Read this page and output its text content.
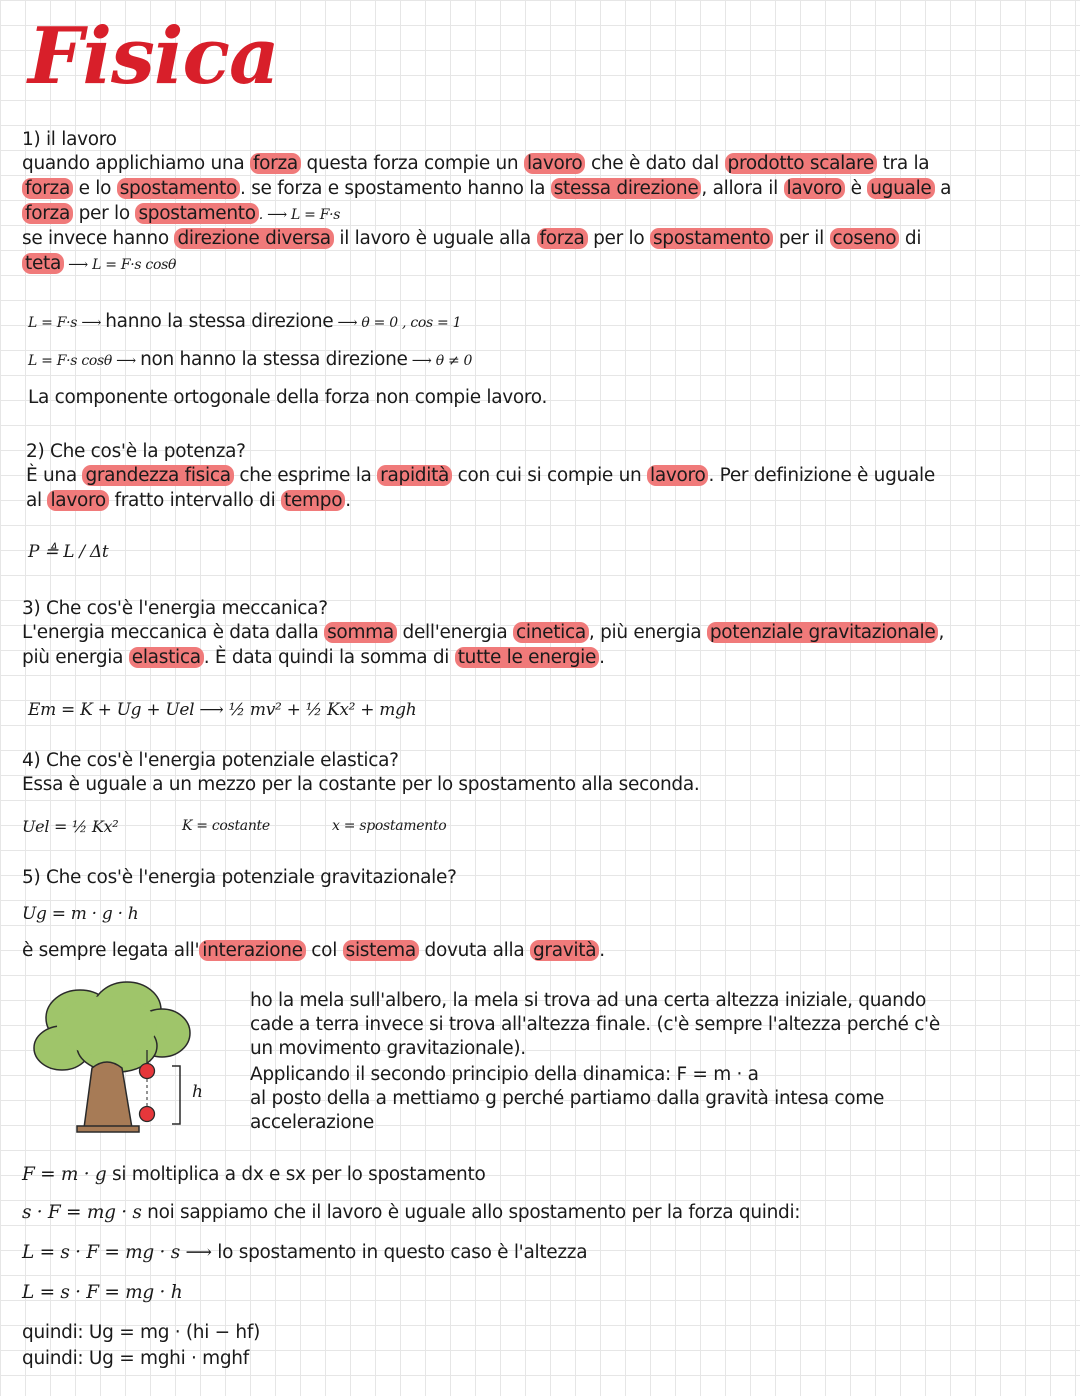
Fisica
1) il lavoro
quando applichiamo una forza questa forza compie un lavoro che è dato dal prodotto scalare tra la
forza e lo spostamento . se forza e spostamento hanno la stessa direzione , allora il lavoro è uguale a
forza per lo spostamento . ⟶ L = F·s
se invece hanno direzione diversa il lavoro è uguale alla forza per lo spostamento per il coseno di
teta ⟶ L = F·s cosθ
L = F·s ⟶ hanno la stessa direzione ⟶ θ = 0 , cos = 1
L = F·s cosθ ⟶ non hanno la stessa direzione ⟶ θ ≠ 0
La componente ortogonale della forza non compie lavoro.
2) Che cos'è la potenza?
È una grandezza fisica che esprime la rapidità con cui si compie un lavoro . Per definizione è uguale
al lavoro fratto intervallo di tempo .
P ≜ L / Δt
3) Che cos'è l'energia meccanica?
L'energia meccanica è data dalla somma dell'energia cinetica , più energia potenziale gravitazionale ,
più energia elastica . È data quindi la somma di tutte le energie .
Em = K + Ug + Uel ⟶ ½ mv² + ½ Kx² + mgh
4) Che cos'è l'energia potenziale elastica?
Essa è uguale a un mezzo per la costante per lo spostamento alla seconda.
Uel = ½ Kx²	K = costante	x = spostamento
5) Che cos'è l'energia potenziale gravitazionale?
Ug = m · g · h
è sempre legata all' interazione col sistema dovuta alla gravità .
h
ho la mela sull'albero, la mela si trova ad una certa altezza iniziale, quando
cade a terra invece si trova all'altezza finale. (c'è sempre l'altezza perché c'è
un movimento gravitazionale).
Applicando il secondo principio della dinamica: F = m · a
al posto della a mettiamo g perché partiamo dalla gravità intesa come
accelerazione
F = m · g si moltiplica a dx e sx per lo spostamento
s · F = mg · s noi sappiamo che il lavoro è uguale allo spostamento per la forza quindi:
L = s · F = mg · s ⟶ lo spostamento in questo caso è l'altezza
L = s · F = mg · h
quindi: Ug = mg · (hi − hf)
quindi: Ug = mghi · mghf
